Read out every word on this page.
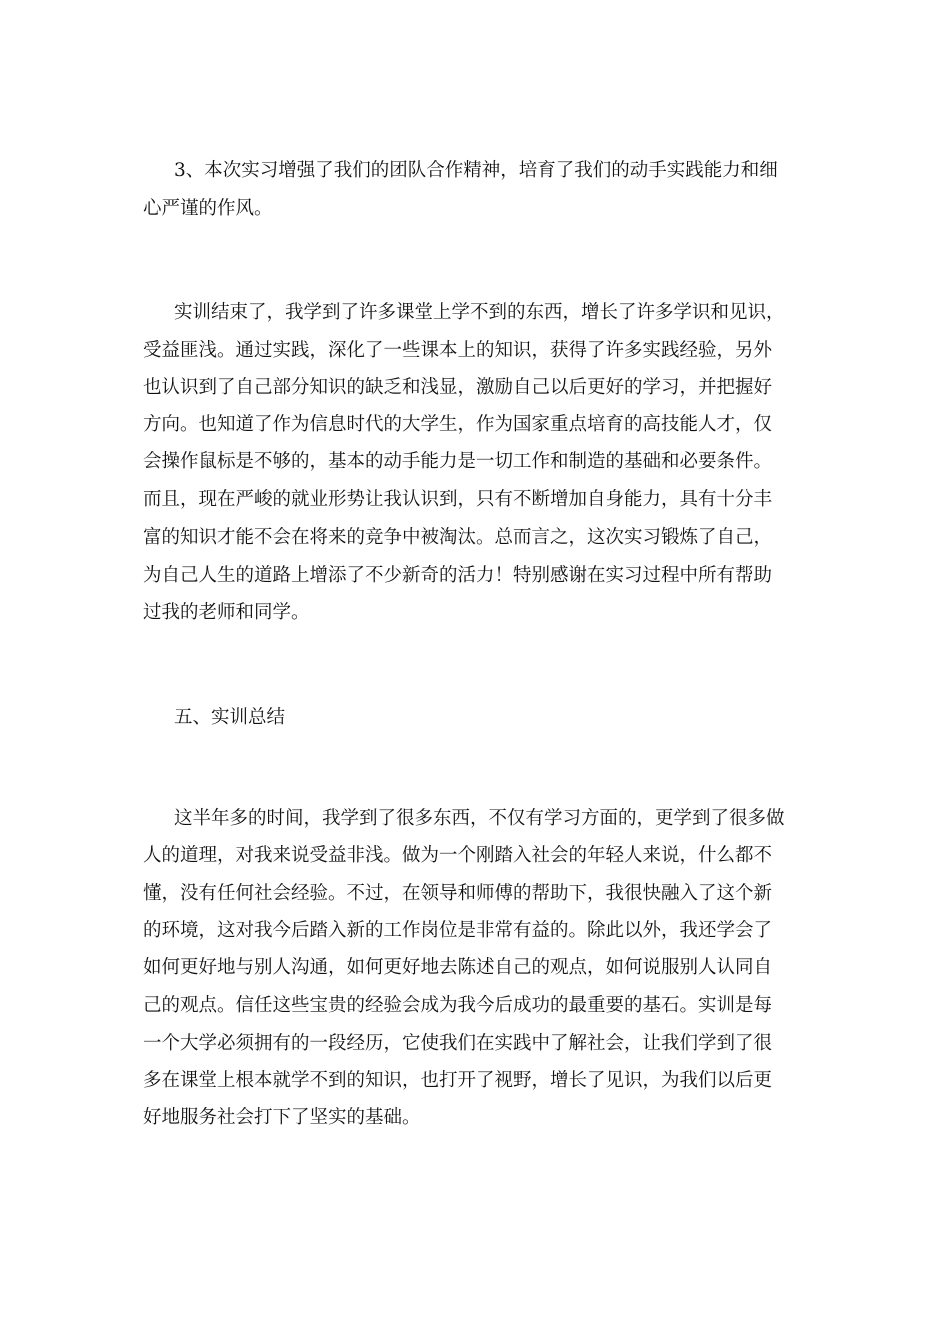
3、本次实习增强了我们的团队合作精神，培育了我们的动手实践能力和细
心严谨的作风。
实训结束了，我学到了许多课堂上学不到的东西，增长了许多学识和见识，
受益匪浅。通过实践，深化了一些课本上的知识，获得了许多实践经验，另外
也认识到了自己部分知识的缺乏和浅显，激励自己以后更好的学习，并把握好
方向。也知道了作为信息时代的大学生，作为国家重点培育的高技能人才，仅
会操作鼠标是不够的，基本的动手能力是一切工作和制造的基础和必要条件。
而且，现在严峻的就业形势让我认识到，只有不断增加自身能力，具有十分丰
富的知识才能不会在将来的竞争中被淘汰。总而言之，这次实习锻炼了自己，
为自己人生的道路上增添了不少新奇的活力！特别感谢在实习过程中所有帮助
过我的老师和同学。
五、实训总结
这半年多的时间，我学到了很多东西，不仅有学习方面的，更学到了很多做
人的道理，对我来说受益非浅。做为一个刚踏入社会的年轻人来说，什么都不
懂，没有任何社会经验。不过，在领导和师傅的帮助下，我很快融入了这个新
的环境，这对我今后踏入新的工作岗位是非常有益的。除此以外，我还学会了
如何更好地与别人沟通，如何更好地去陈述自己的观点，如何说服别人认同自
己的观点。信任这些宝贵的经验会成为我今后成功的最重要的基石。实训是每
一个大学必须拥有的一段经历，它使我们在实践中了解社会，让我们学到了很
多在课堂上根本就学不到的知识，也打开了视野，增长了见识，为我们以后更
好地服务社会打下了坚实的基础。
